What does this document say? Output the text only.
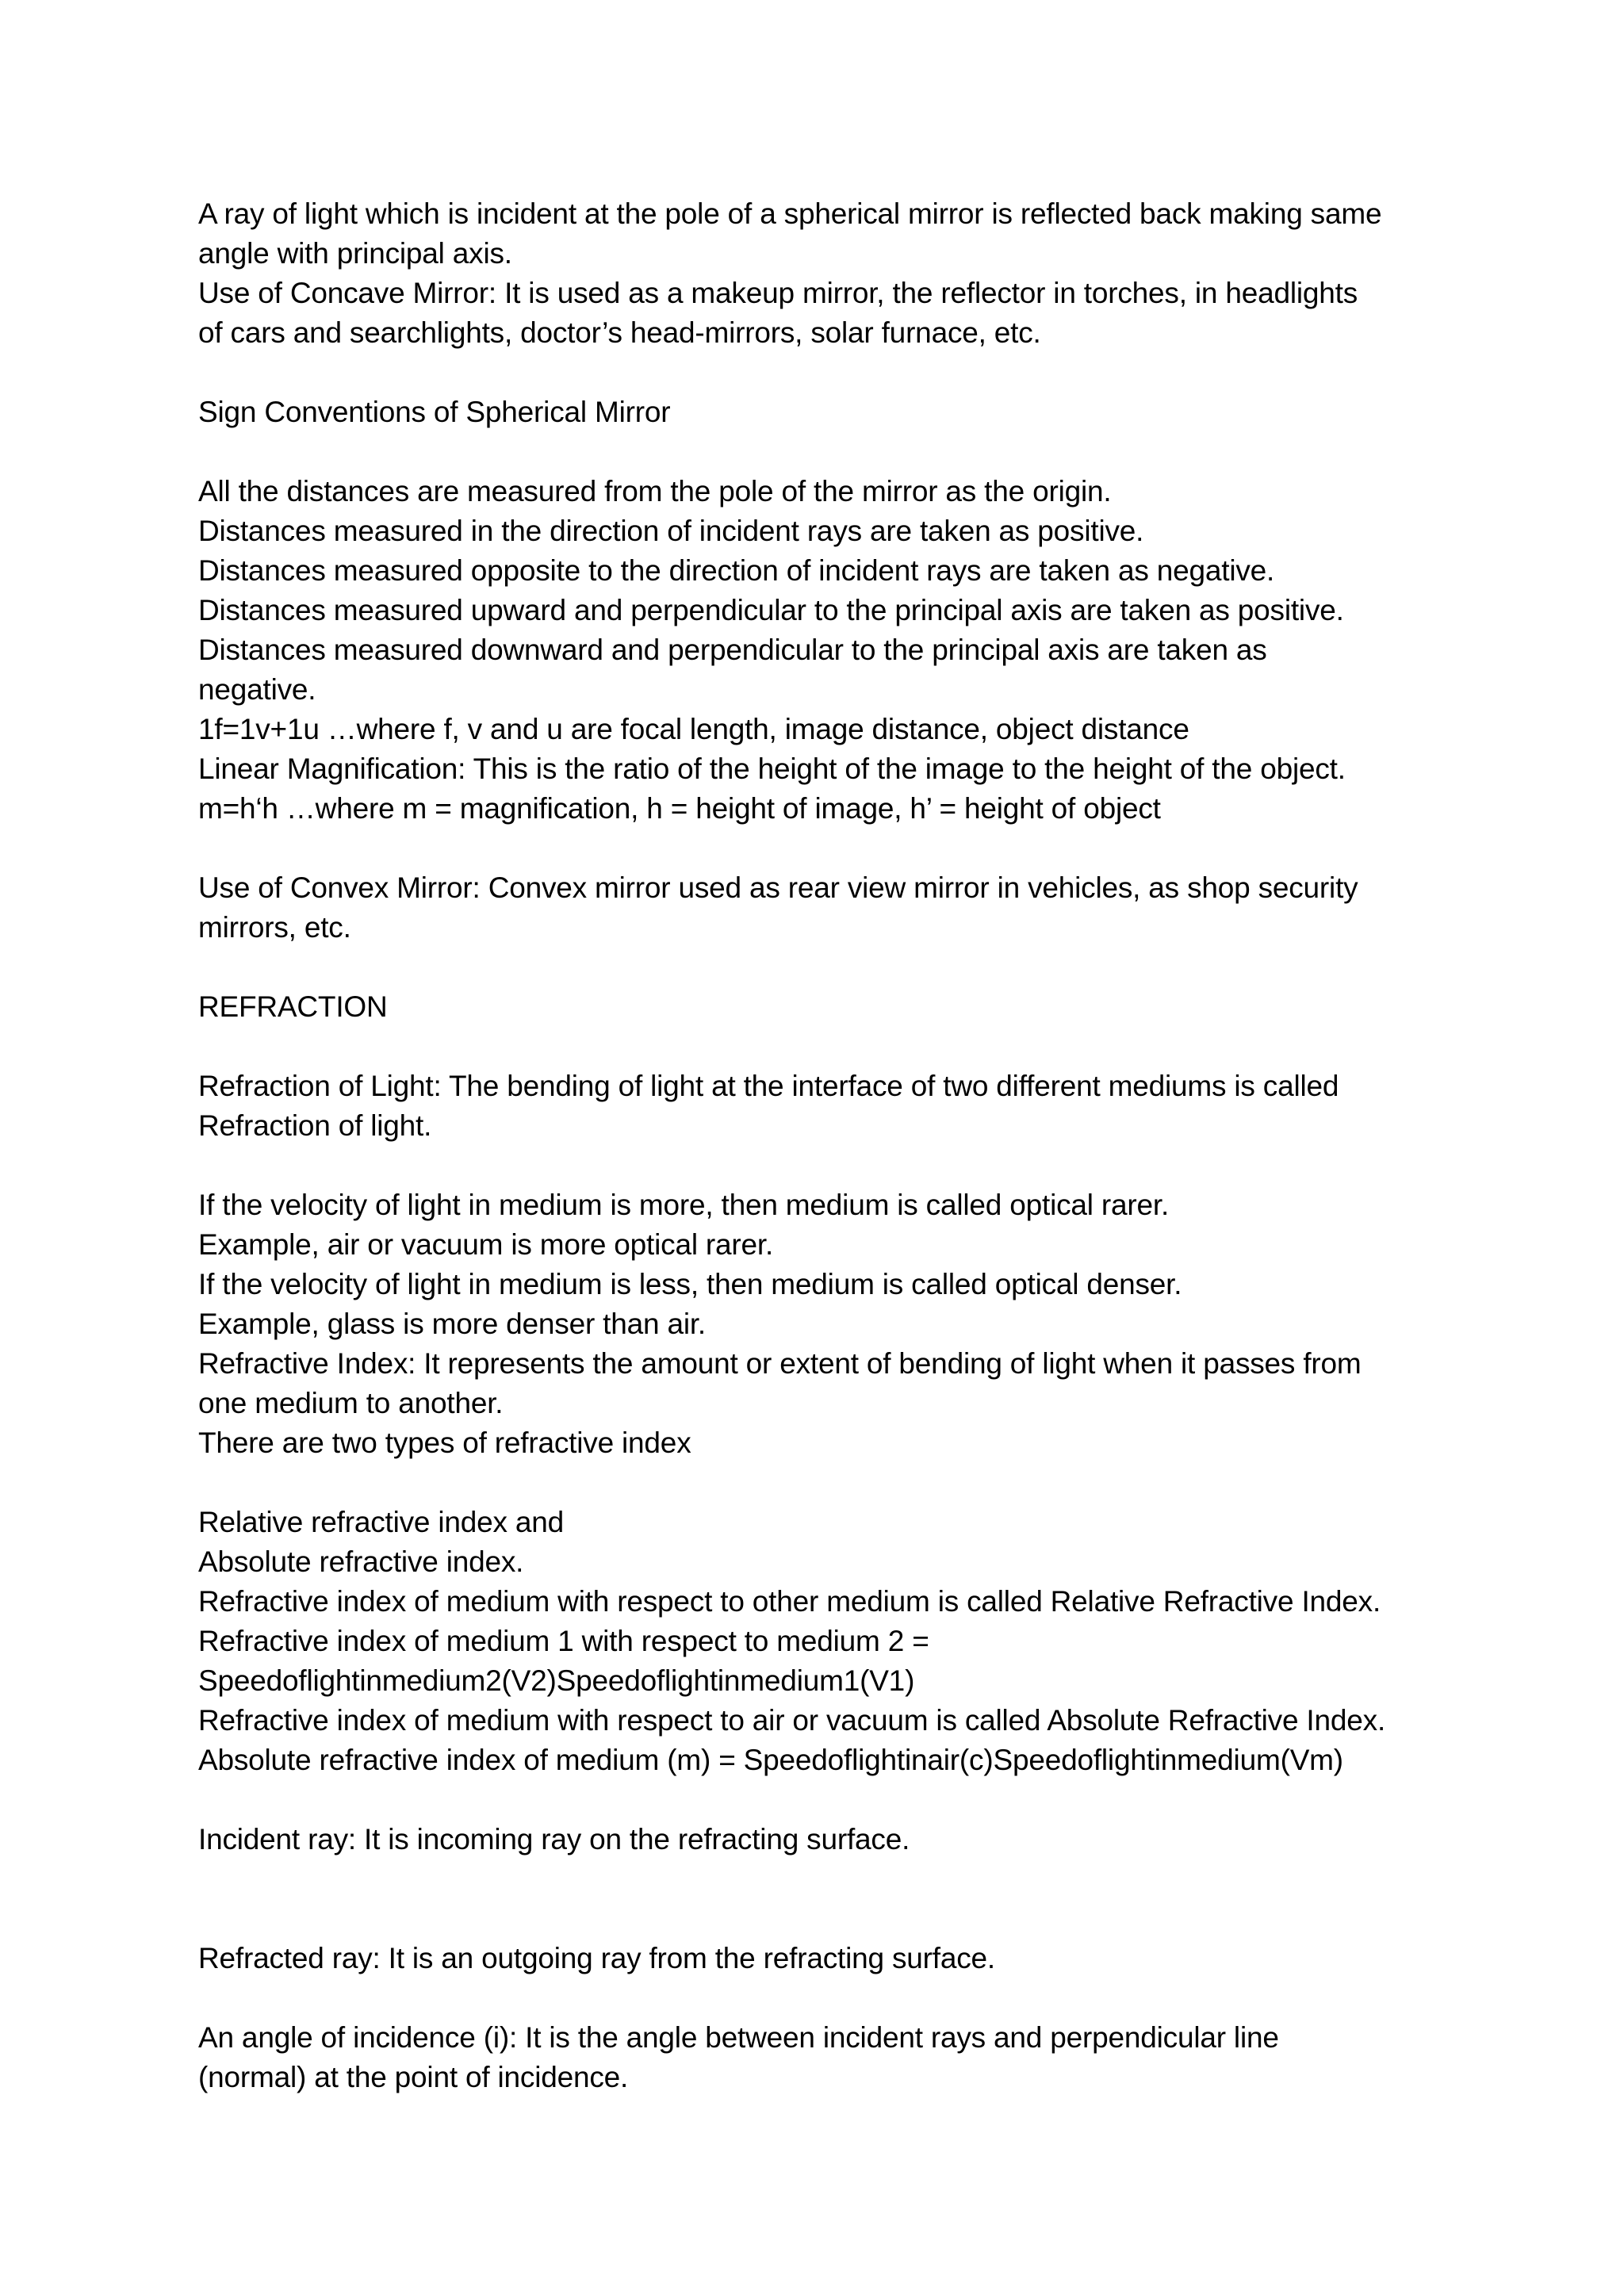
A ray of light which is incident at the pole of a spherical mirror is reflected back making same
angle with principal axis.
Use of Concave Mirror: It is used as a makeup mirror, the reflector in torches, in headlights
of cars and searchlights, doctor’s head-mirrors, solar furnace, etc.
Sign Conventions of Spherical Mirror
All the distances are measured from the pole of the mirror as the origin.
Distances measured in the direction of incident rays are taken as positive.
Distances measured opposite to the direction of incident rays are taken as negative.
Distances measured upward and perpendicular to the principal axis are taken as positive.
Distances measured downward and perpendicular to the principal axis are taken as
negative.
1f=1v+1u …where f, v and u are focal length, image distance, object distance
Linear Magnification: This is the ratio of the height of the image to the height of the object.
m=h‘h …where m = magnification, h = height of image, h’ = height of object
Use of Convex Mirror: Convex mirror used as rear view mirror in vehicles, as shop security
mirrors, etc.
REFRACTION
Refraction of Light: The bending of light at the interface of two different mediums is called
Refraction of light.
If the velocity of light in medium is more, then medium is called optical rarer.
Example, air or vacuum is more optical rarer.
If the velocity of light in medium is less, then medium is called optical denser.
Example, glass is more denser than air.
Refractive Index: It represents the amount or extent of bending of light when it passes from
one medium to another.
There are two types of refractive index
Relative refractive index and
Absolute refractive index.
Refractive index of medium with respect to other medium is called Relative Refractive Index.
Refractive index of medium 1 with respect to medium 2 =
Speedoflightinmedium2(V2)Speedoflightinmedium1(V1)
Refractive index of medium with respect to air or vacuum is called Absolute Refractive Index.
Absolute refractive index of medium (m) = Speedoflightinair(c)Speedoflightinmedium(Vm)
Incident ray: It is incoming ray on the refracting surface.
Refracted ray: It is an outgoing ray from the refracting surface.
An angle of incidence (i): It is the angle between incident rays and perpendicular line
(normal) at the point of incidence.
